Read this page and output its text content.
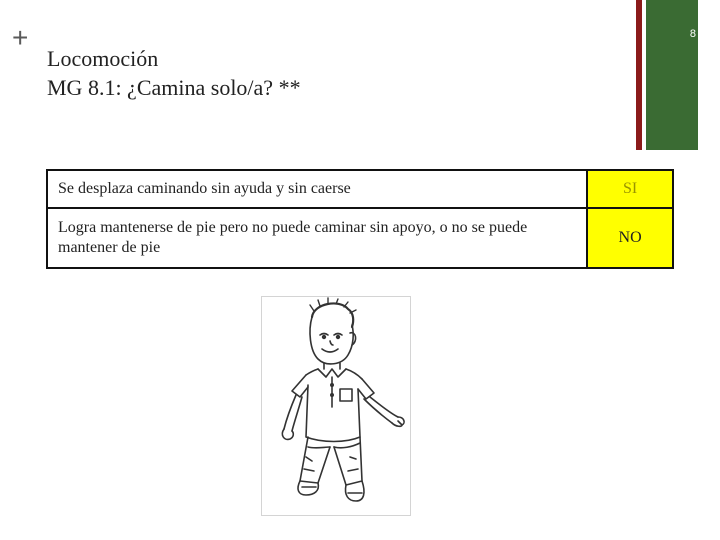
+
Locomoción
MG 8.1: ¿Camina solo/a? **
8
Se desplaza caminando sin ayuda y sin caerse	SI
Logra mantenerse de pie pero no puede caminar sin apoyo, o no se puede mantener de pie	NO
